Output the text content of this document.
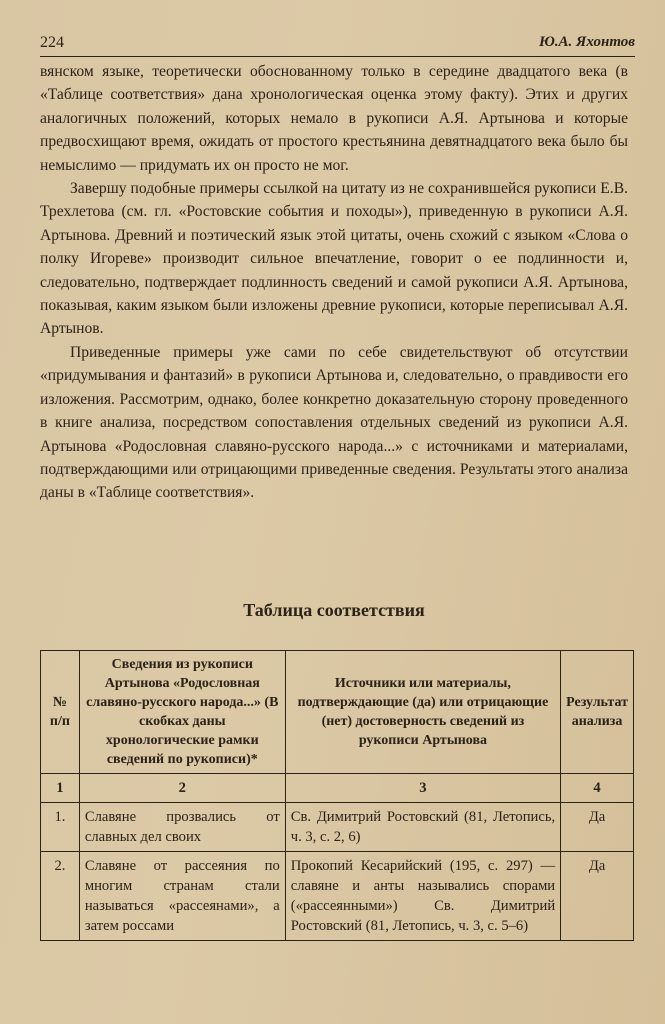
224	Ю.А. Яхонтов

вянском языке, теоретически обоснованному только в середине двадцатого века (в «Таблице соответствия» дана хронологическая оценка этому факту). Этих и других аналогичных положений, которых немало в рукописи А.Я. Артынова и которые предвосхищают время, ожидать от простого крестьянина девятнадцатого века было бы немыслимо — придумать их он просто не мог.

Завершу подобные примеры ссылкой на цитату из не сохранившейся рукописи Е.В. Трехлетова (см. гл. «Ростовские события и походы»), приведенную в рукописи А.Я. Артынова. Древний и поэтический язык этой цитаты, очень схожий с языком «Слова о полку Игореве» производит сильное впечатление, говорит о ее подлинности и, следовательно, подтверждает подлинность сведений и самой рукописи А.Я. Артынова, показывая, каким языком были изложены древние рукописи, которые переписывал А.Я. Артынов.

Приведенные примеры уже сами по себе свидетельствуют об отсутствии «придумывания и фантазий» в рукописи Артынова и, следовательно, о правдивости его изложения. Рассмотрим, однако, более конкретно доказательную сторону проведенного в книге анализа, посредством сопоставления отдельных сведений из рукописи А.Я. Артынова «Родословная славяно-русского народа...» с источниками и материалами, подтверждающими или отрицающими приведенные сведения. Результаты этого анализа даны в «Таблице соответствия».

Таблица соответствия
№ п/п	Сведения из рукописи Артынова «Родословная славяно-русского народа...» (В скобках даны хронологические рамки сведений по рукописи)*	Источники или материалы, подтверждающие (да) или отрицающие (нет) достоверность сведений из рукописи Артынова	Результат анализа
1	2	3	4
1.	Славяне прозвались от славных дел своих	Св. Димитрий Ростовский (81, Летопись, ч. 3, с. 2, 6)	Да
2.	Славяне от рассеяния по многим странам стали называться «рассеянами», а затем россами	Прокопий Кесарийский (195, с. 297) — славяне и анты назывались спорами («рассеянными») Св. Димитрий Ростовский (81, Летопись, ч. 3, с. 5–6)	Да
